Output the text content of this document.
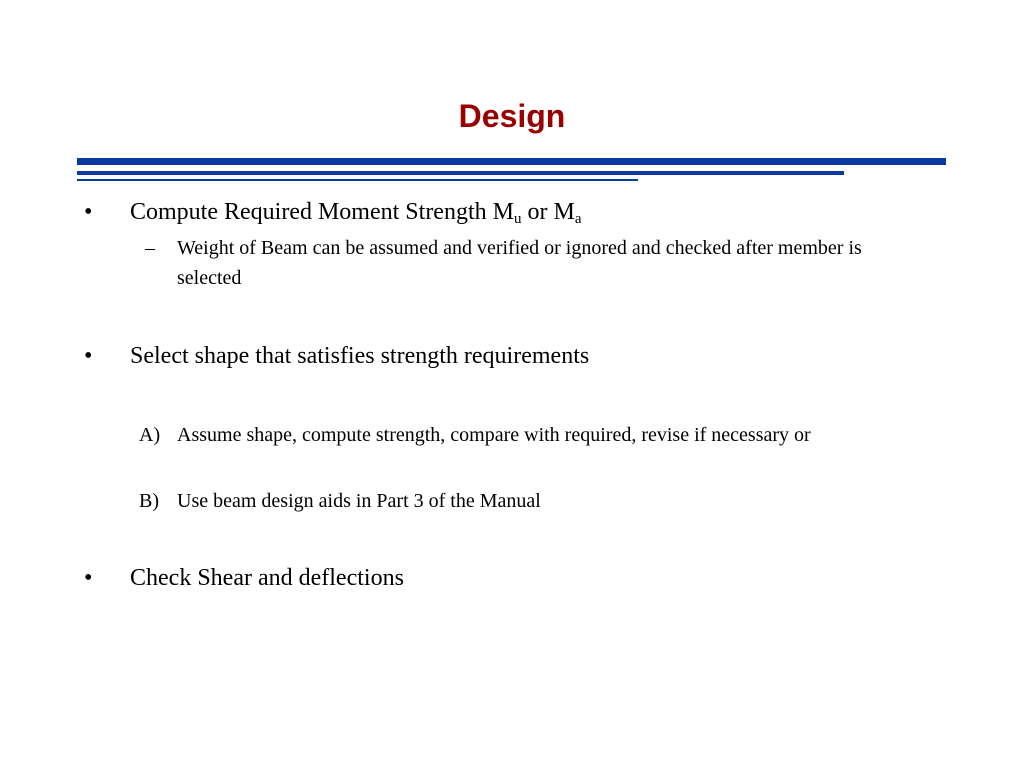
Design
• Compute Required Moment Strength $M_u$ or $M_a$
– Weight of Beam can be assumed and verified or ignored and checked after member is selected
• Select shape that satisfies strength requirements
A) Assume shape, compute strength, compare with required, revise if necessary or
B) Use beam design aids in Part 3 of the Manual
• Check Shear and deflections
